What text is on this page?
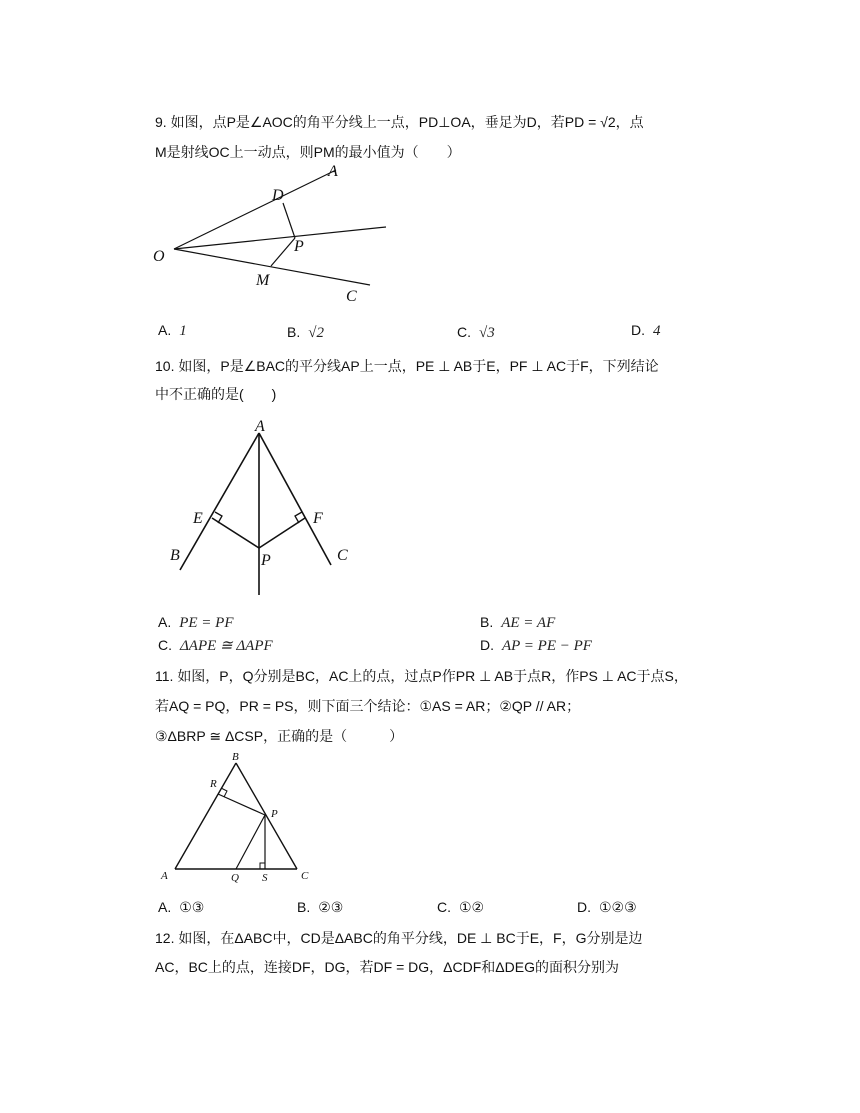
9. 如图，点P是∠AOC的角平分线上一点，PD⊥OA，垂足为D，若PD = √2，点
M是射线OC上一动点，则PM的最小值为（　　）
A
D
O
P
M
C
A. 1	B. √2	C. √3	D. 4
10. 如图，P是∠BAC的平分线AP上一点，PE ⊥ AB于E，PF ⊥ AC于F，下列结论
中不正确的是(　　)
A
E	F
B	P	C
A. PE = PF	B. AE = AF
C. ΔAPE ≅ ΔAPF	D. AP = PE − PF
11. 如图，P，Q分别是BC，AC上的点，过点P作PR ⊥ AB于点R，作PS ⊥ AC于点S，
若AQ = PQ，PR = PS，则下面三个结论：①AS = AR；②QP // AR；
③ΔBRP ≅ ΔCSP，正确的是（　　　）
B
R
P
A	Q S	C
A. ①③	B. ②③	C. ①②	D. ①②③
12. 如图，在ΔABC中，CD是ΔABC的角平分线，DE ⊥ BC于E，F，G分别是边
AC，BC上的点，连接DF，DG，若DF = DG，ΔCDF和ΔDEG的面积分别为
